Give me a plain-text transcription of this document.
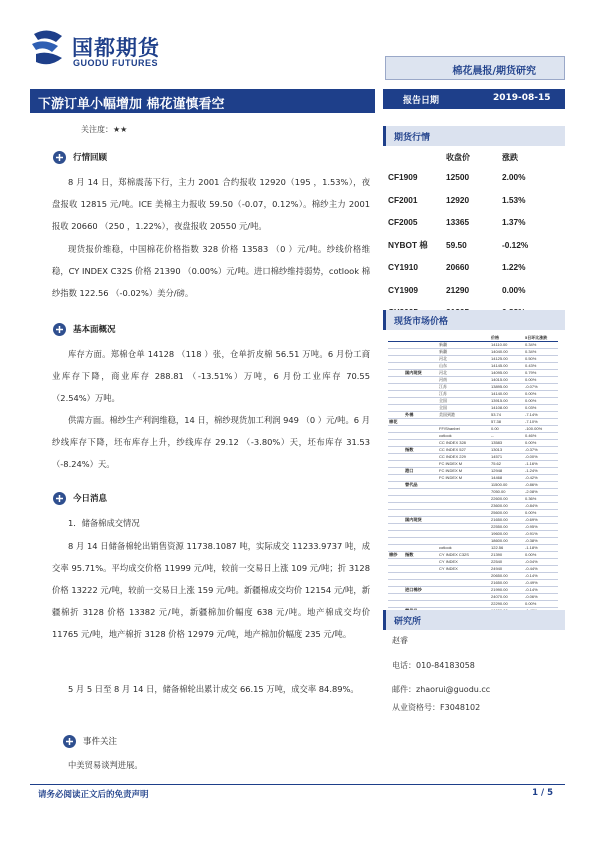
国都期货
GUODU FUTURES
棉花晨报/期货研究
下游订单小幅增加 棉花谨慎看空	报告日期	2019-08-15
关注度：★★
行情回顾
8 月 14 日，郑棉震荡下行，主力 2001 合约报收 12920（195 ，1.53%），夜盘报收 12815 元/吨。ICE 美棉主力报收 59.50（-0.07，0.12%）。棉纱主力 2001 报收 20660 （250 ，1.22%），夜盘报收 20550 元/吨。
现货报价维稳，中国棉花价格指数 328 价格 13583 （0 ）元/吨。纱线价格维稳，CY INDEX C32S 价格 21390 （0.00%）元/吨。进口棉纱维持弱势，cotlook 棉纱指数 122.56 （-0.02%）美分/磅。
基本面概况
库存方面。郑棉仓单 14128 （118 ）张，仓单折皮棉 56.51 万吨。6 月份工商业库存下降，商业库存 288.81 （-13.51%）万吨，6 月份工业库存 70.55 （2.54%）万吨。
供需方面。棉纱生产利润维稳，14 日，棉纱现货加工利润 949 （0 ）元/吨。6 月纱线库存下降，坯布库存上升，纱线库存 29.12 （-3.80%）天，坯布库存 31.53 （-8.24%）天。
今日消息
1．储备棉成交情况
8 月 14 日储备棉轮出销售资源 11738.1087 吨，实际成交 11233.9737 吨，成交率 95.71%。平均成交价格 11999 元/吨，较前一交易日上涨 109 元/吨；折 3128 价格 13222 元/吨，较前一交易日上涨 159 元/吨。新疆棉成交均价 12154 元/吨，新疆棉折 3128 价格 13382 元/吨，新疆棉加价幅度 638 元/吨。地产棉成交均价 11765 元/吨，地产棉折 3128 价格 12979 元/吨，地产棉加价幅度 235 元/吨。
5 月 5 日至 8 月 14 日，储备棉轮出累计成交 66.15 万吨，成交率 84.89%。
事件关注
中美贸易谈判进展。
期货行情
	收盘价	涨跌
CF1909	12500	2.00%
CF2001	12920	1.53%
CF2005	13365	1.37%
NYBOT 棉	59.50	-0.12%
CY1910	20660	1.22%
CY1909	21290	0.00%

现货市场价格
			价格	5日环比涨跌
		新疆	14110.00	0.34%
		新疆	14040.00	0.34%
		河北	14125.00	0.50%
		山东	14145.00	0.43%
	国内现货	河北	14095.00	0.79%
		河南	14015.00	0.00%
		江苏	13895.00	-0.07%
		江苏	14140.00	0.00%
		全国	13915.00	0.00%
		全国	14108.00	0.03%
	外棉	美国到港	53.74	-7.14%
棉花			57.38	-7.10%
		FF/Shanbei	0.00	-100.00%
		cotlook	--	0.46%
		CC INDEX 328	13583	0.00%
	指数	CC INDEX 527	13013	-0.37%
		CC INDEX 229	14571	-0.00%
		FC INDEX M	75.62	-1.16%
	港口	FC INDEX M	12948	-1.24%
		FC INDEX M	14468	-0.42%
	替代品		11500.00	-0.86%
			7050.00	-2.08%
			22600.00	0.36%
			23600.00	-0.84%
			25600.00	0.00%
	国内现货		21650.00	-0.69%
			22550.00	-0.95%
			19600.00	-0.91%
			18600.00	-0.38%
		cotlook	122.56	-1.18%
棉纱	指数	CY INDEX C32S	21390	0.00%
		CY INDEX	22540	-0.04%
		CY INDEX	24940	-0.44%
			20650.00	-0.14%
			21650.00	-0.49%
	进口棉纱		21990.00	-0.14%
			24070.00	-0.06%
			22290.00	0.00%

研究所
赵睿
电话：010-84183058
邮件：zhaorui@guodu.cc
从业资格号：F3048102
请务必阅读正文后的免责声明	1 / 5
